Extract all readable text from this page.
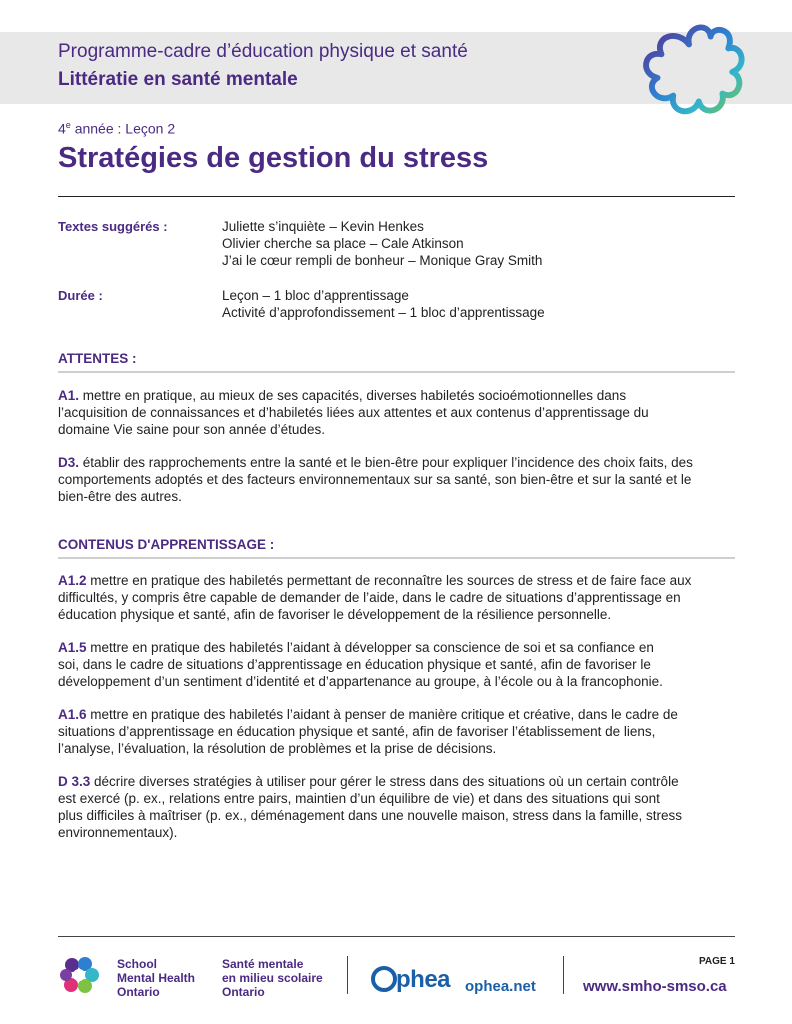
Programme-cadre d’éducation physique et santé
Littératie en santé mentale
4e année : Leçon 2
Stratégies de gestion du stress
Textes suggérés :	Juliette s’inquiète – Kevin Henkes
Olivier cherche sa place – Cale Atkinson
J’ai le cœur rempli de bonheur – Monique Gray Smith
Durée :	Leçon – 1 bloc d’apprentissage
Activité d’approfondissement – 1 bloc d’apprentissage
ATTENTES :
A1. mettre en pratique, au mieux de ses capacités, diverses habiletés socioémotionnelles dans
l’acquisition de connaissances et d’habiletés liées aux attentes et aux contenus d’apprentissage du
domaine Vie saine pour son année d’études.
D3. établir des rapprochements entre la santé et le bien-être pour expliquer l’incidence des choix faits, des
comportements adoptés et des facteurs environnementaux sur sa santé, son bien-être et sur la santé et le
bien-être des autres.
CONTENUS D'APPRENTISSAGE :
A1.2 mettre en pratique des habiletés permettant de reconnaître les sources de stress et de faire face aux
difficultés, y compris être capable de demander de l’aide, dans le cadre de situations d’apprentissage en
éducation physique et santé, afin de favoriser le développement de la résilience personnelle.
A1.5 mettre en pratique des habiletés l’aidant à développer sa conscience de soi et sa confiance en
soi, dans le cadre de situations d’apprentissage en éducation physique et santé, afin de favoriser le
développement d’un sentiment d’identité et d’appartenance au groupe, à l’école ou à la francophonie.
A1.6 mettre en pratique des habiletés l’aidant à penser de manière critique et créative, dans le cadre de
situations d’apprentissage en éducation physique et santé, afin de favoriser l’établissement de liens,
l’analyse, l’évaluation, la résolution de problèmes et la prise de décisions.
D 3.3 décrire diverses stratégies à utiliser pour gérer le stress dans des situations où un certain contrôle
est exercé (p. ex., relations entre pairs, maintien d’un équilibre de vie) et dans des situations qui sont
plus difficiles à maîtriser (p. ex., déménagement dans une nouvelle maison, stress dans la famille, stress
environnementaux).
School
Mental Health
Ontario
Santé mentale
en milieu scolaire
Ontario	phea ophea.net
PAGE 1
www.smho-smso.ca
